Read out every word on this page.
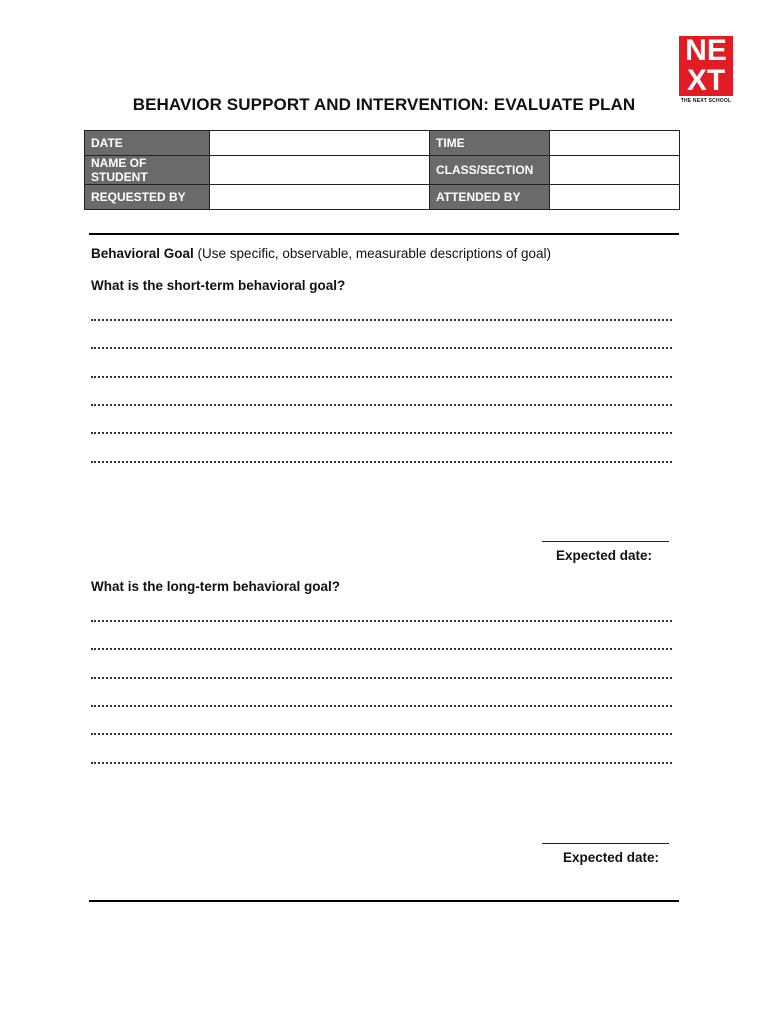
NE
XT
THE NEXT SCHOOL
BEHAVIOR SUPPORT AND INTERVENTION: EVALUATE PLAN
DATE		TIME	
NAME OF STUDENT		CLASS/SECTION	
REQUESTED BY		ATTENDED BY	
Behavioral Goal (Use specific, observable, measurable descriptions of goal)
What is the short-term behavioral goal?
Expected date:
What is the long-term behavioral goal?
Expected date:
